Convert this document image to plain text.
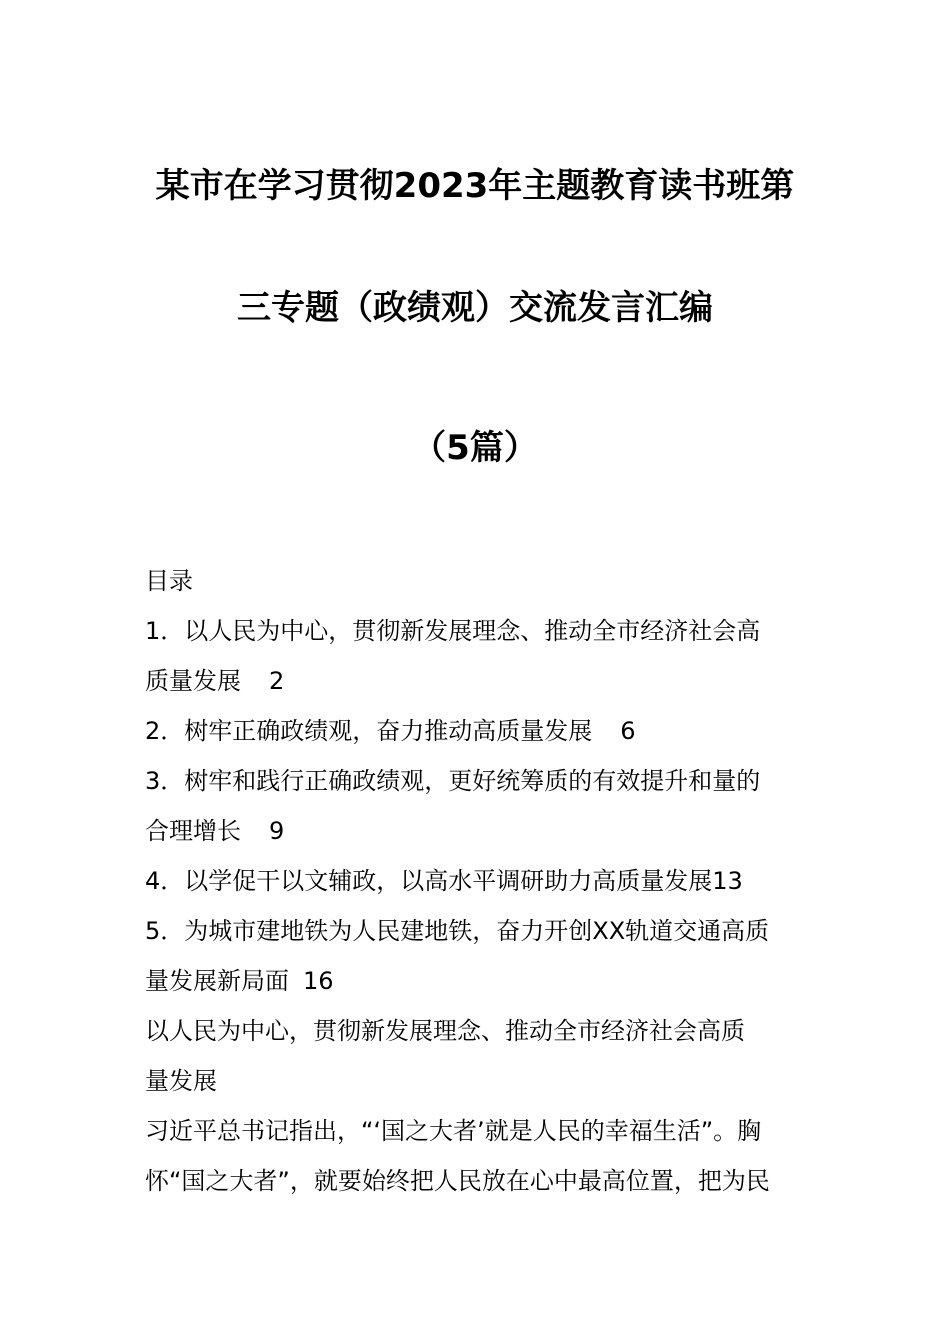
某市在学习贯彻2023年主题教育读书班第
三专题（政绩观）交流发言汇编
（5篇）
目录
1．以人民为中心，贯彻新发展理念、推动全市经济社会高
质量发展 2
2．树牢正确政绩观，奋力推动高质量发展 6
3．树牢和践行正确政绩观，更好统筹质的有效提升和量的
合理增长 9
4．以学促干以文辅政，以高水平调研助力高质量发展13
5．为城市建地铁为人民建地铁，奋力开创XX轨道交通高质
量发展新局面 16
以人民为中心，贯彻新发展理念、推动全市经济社会高质
量发展
习近平总书记指出，“‘国之大者’就是人民的幸福生活”。胸
怀“国之大者”，就要始终把人民放在心中最高位置，把为民
